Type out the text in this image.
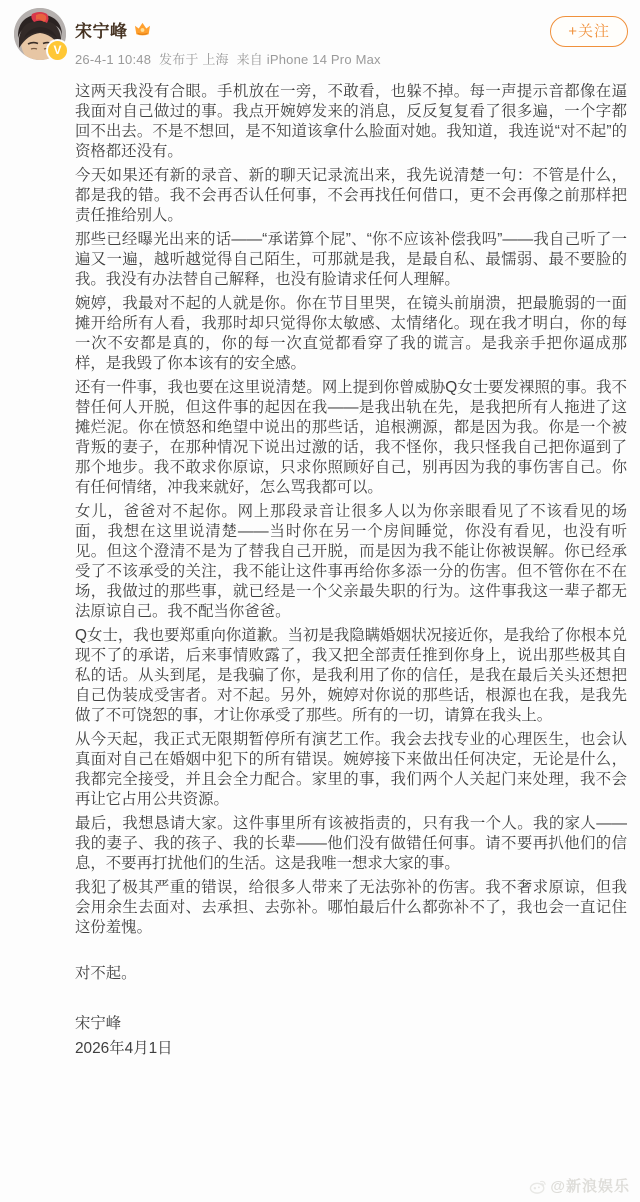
V
宋宁峰
26-4-1 10:48 发布于 上海 来自 iPhone 14 Pro Max
+关注

这两天我没有合眼。手机放在一旁，不敢看，也躲不掉。每一声提示音都像在逼我面对自己做过的事。我点开婉婷发来的消息，反反复复看了很多遍，一个字都回不出去。不是不想回，是不知道该拿什么脸面对她。我知道，我连说“对不起”的资格都还没有。

今天如果还有新的录音、新的聊天记录流出来，我先说清楚一句：不管是什么，都是我的错。我不会再否认任何事，不会再找任何借口，更不会再像之前那样把责任推给别人。

那些已经曝光出来的话——“承诺算个屁”、“你不应该补偿我吗”——我自己听了一遍又一遍，越听越觉得自己陌生，可那就是我，是最自私、最懦弱、最不要脸的我。我没有办法替自己解释，也没有脸请求任何人理解。

婉婷，我最对不起的人就是你。你在节目里哭，在镜头前崩溃，把最脆弱的一面摊开给所有人看，我那时却只觉得你太敏感、太情绪化。现在我才明白，你的每一次不安都是真的，你的每一次直觉都看穿了我的谎言。是我亲手把你逼成那样，是我毁了你本该有的安全感。

还有一件事，我也要在这里说清楚。网上提到你曾威胁Q女士要发裸照的事。我不替任何人开脱，但这件事的起因在我——是我出轨在先，是我把所有人拖进了这摊烂泥。你在愤怒和绝望中说出的那些话，追根溯源，都是因为我。你是一个被背叛的妻子，在那种情况下说出过激的话，我不怪你，我只怪我自己把你逼到了那个地步。我不敢求你原谅，只求你照顾好自己，别再因为我的事伤害自己。你有任何情绪，冲我来就好，怎么骂我都可以。

女儿，爸爸对不起你。网上那段录音让很多人以为你亲眼看见了不该看见的场面，我想在这里说清楚——当时你在另一个房间睡觉，你没有看见，也没有听见。但这个澄清不是为了替我自己开脱，而是因为我不能让你被误解。你已经承受了不该承受的关注，我不能让这件事再给你多添一分的伤害。但不管你在不在场，我做过的那些事，就已经是一个父亲最失职的行为。这件事我这一辈子都无法原谅自己。我不配当你爸爸。

Q女士，我也要郑重向你道歉。当初是我隐瞒婚姻状况接近你，是我给了你根本兑现不了的承诺，后来事情败露了，我又把全部责任推到你身上，说出那些极其自私的话。从头到尾，是我骗了你，是我利用了你的信任，是我在最后关头还想把自己伪装成受害者。对不起。另外，婉婷对你说的那些话，根源也在我，是我先做了不可饶恕的事，才让你承受了那些。所有的一切，请算在我头上。

从今天起，我正式无限期暂停所有演艺工作。我会去找专业的心理医生，也会认真面对自己在婚姻中犯下的所有错误。婉婷接下来做出任何决定，无论是什么，我都完全接受，并且会全力配合。家里的事，我们两个人关起门来处理，我不会再让它占用公共资源。

最后，我想恳请大家。这件事里所有该被指责的，只有我一个人。我的家人——我的妻子、我的孩子、我的长辈——他们没有做错任何事。请不要再扒他们的信息，不要再打扰他们的生活。这是我唯一想求大家的事。

我犯了极其严重的错误，给很多人带来了无法弥补的伤害。我不奢求原谅，但我会用余生去面对、去承担、去弥补。哪怕最后什么都弥补不了，我也会一直记住这份羞愧。

对不起。

宋宁峰

2026年4月1日

@新浪娱乐
